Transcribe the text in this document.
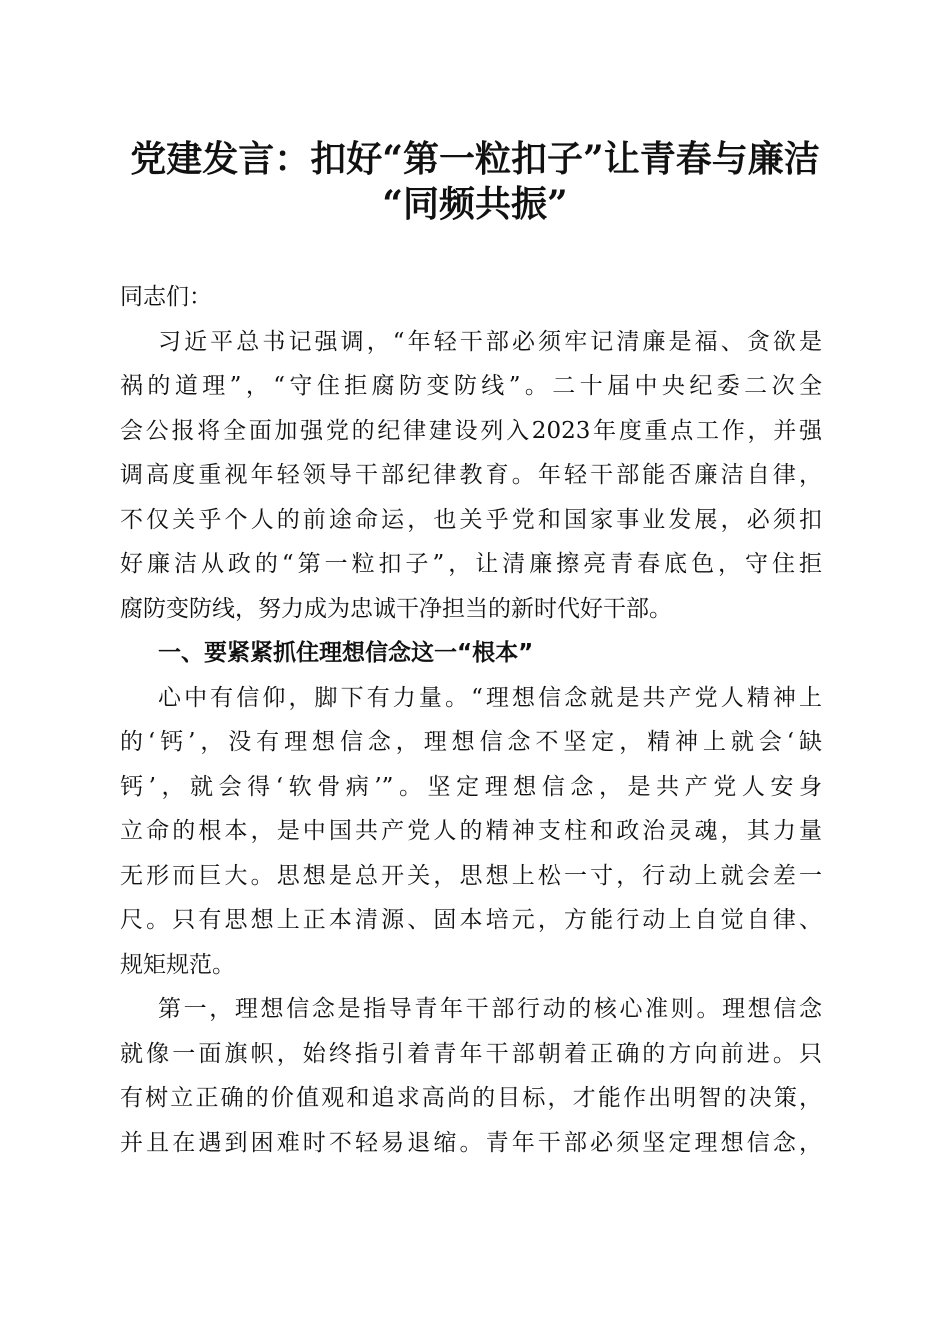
党建发言：扣好“第一粒扣子”让青春与廉洁
“同频共振”
同志们：
习近平总书记强调，“年轻干部必须牢记清廉是福、贪欲是
祸的道理”，“守住拒腐防变防线”。二十届中央纪委二次全
会公报将全面加强党的纪律建设列入2023年度重点工作，并强
调高度重视年轻领导干部纪律教育。年轻干部能否廉洁自律，
不仅关乎个人的前途命运，也关乎党和国家事业发展，必须扣
好廉洁从政的“第一粒扣子”，让清廉擦亮青春底色，守住拒
腐防变防线，努力成为忠诚干净担当的新时代好干部。
一、要紧紧抓住理想信念这一“根本”
心中有信仰，脚下有力量。“理想信念就是共产党人精神上
的‘钙’，没有理想信念，理想信念不坚定，精神上就会‘缺
钙’，就会得‘软骨病’”。坚定理想信念，是共产党人安身
立命的根本，是中国共产党人的精神支柱和政治灵魂，其力量
无形而巨大。思想是总开关，思想上松一寸，行动上就会差一
尺。只有思想上正本清源、固本培元，方能行动上自觉自律、
规矩规范。
第一，理想信念是指导青年干部行动的核心准则。理想信念
就像一面旗帜，始终指引着青年干部朝着正确的方向前进。只
有树立正确的价值观和追求高尚的目标，才能作出明智的决策，
并且在遇到困难时不轻易退缩。青年干部必须坚定理想信念，
